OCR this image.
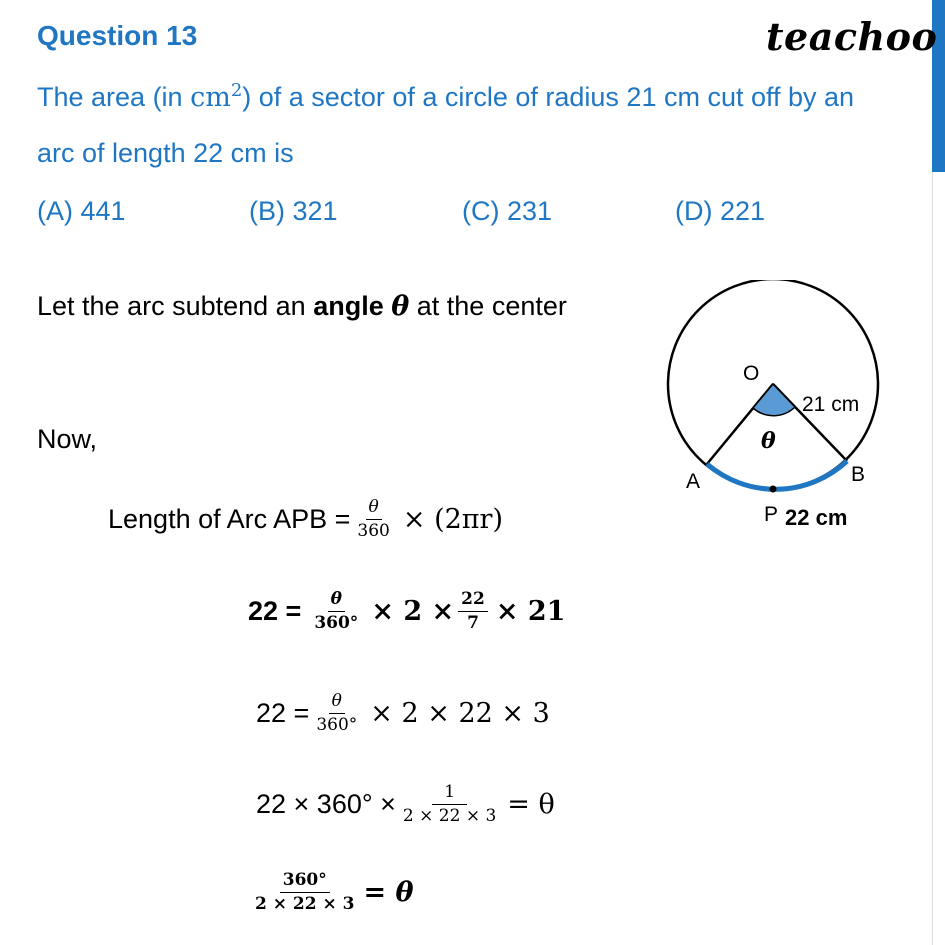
Question 13	teachoo
The area (in $cm^2$) of a sector of a circle of radius 21 cm cut off by an
arc of length 22 cm is
(A) 441	(B) 321	(C) 231	(D) 221
Let the arc subtend an angle θ at the center
Now,
Length of Arc APB = $\frac{\theta}{360} \times (2\pi r)$
$22 = \frac{\theta}{360^\circ} \times 2 \times \frac{22}{7} \times 21$
$22 = \frac{\theta}{360^\circ} \times 2 \times 22 \times 3$
$22 \times 360^\circ \times \frac{1}{2 \times 22 \times 3} = \theta$
$\frac{360^\circ}{2 \times 22 \times 3} = \theta$
O
21 cm
θ
A	B
P 22 cm
